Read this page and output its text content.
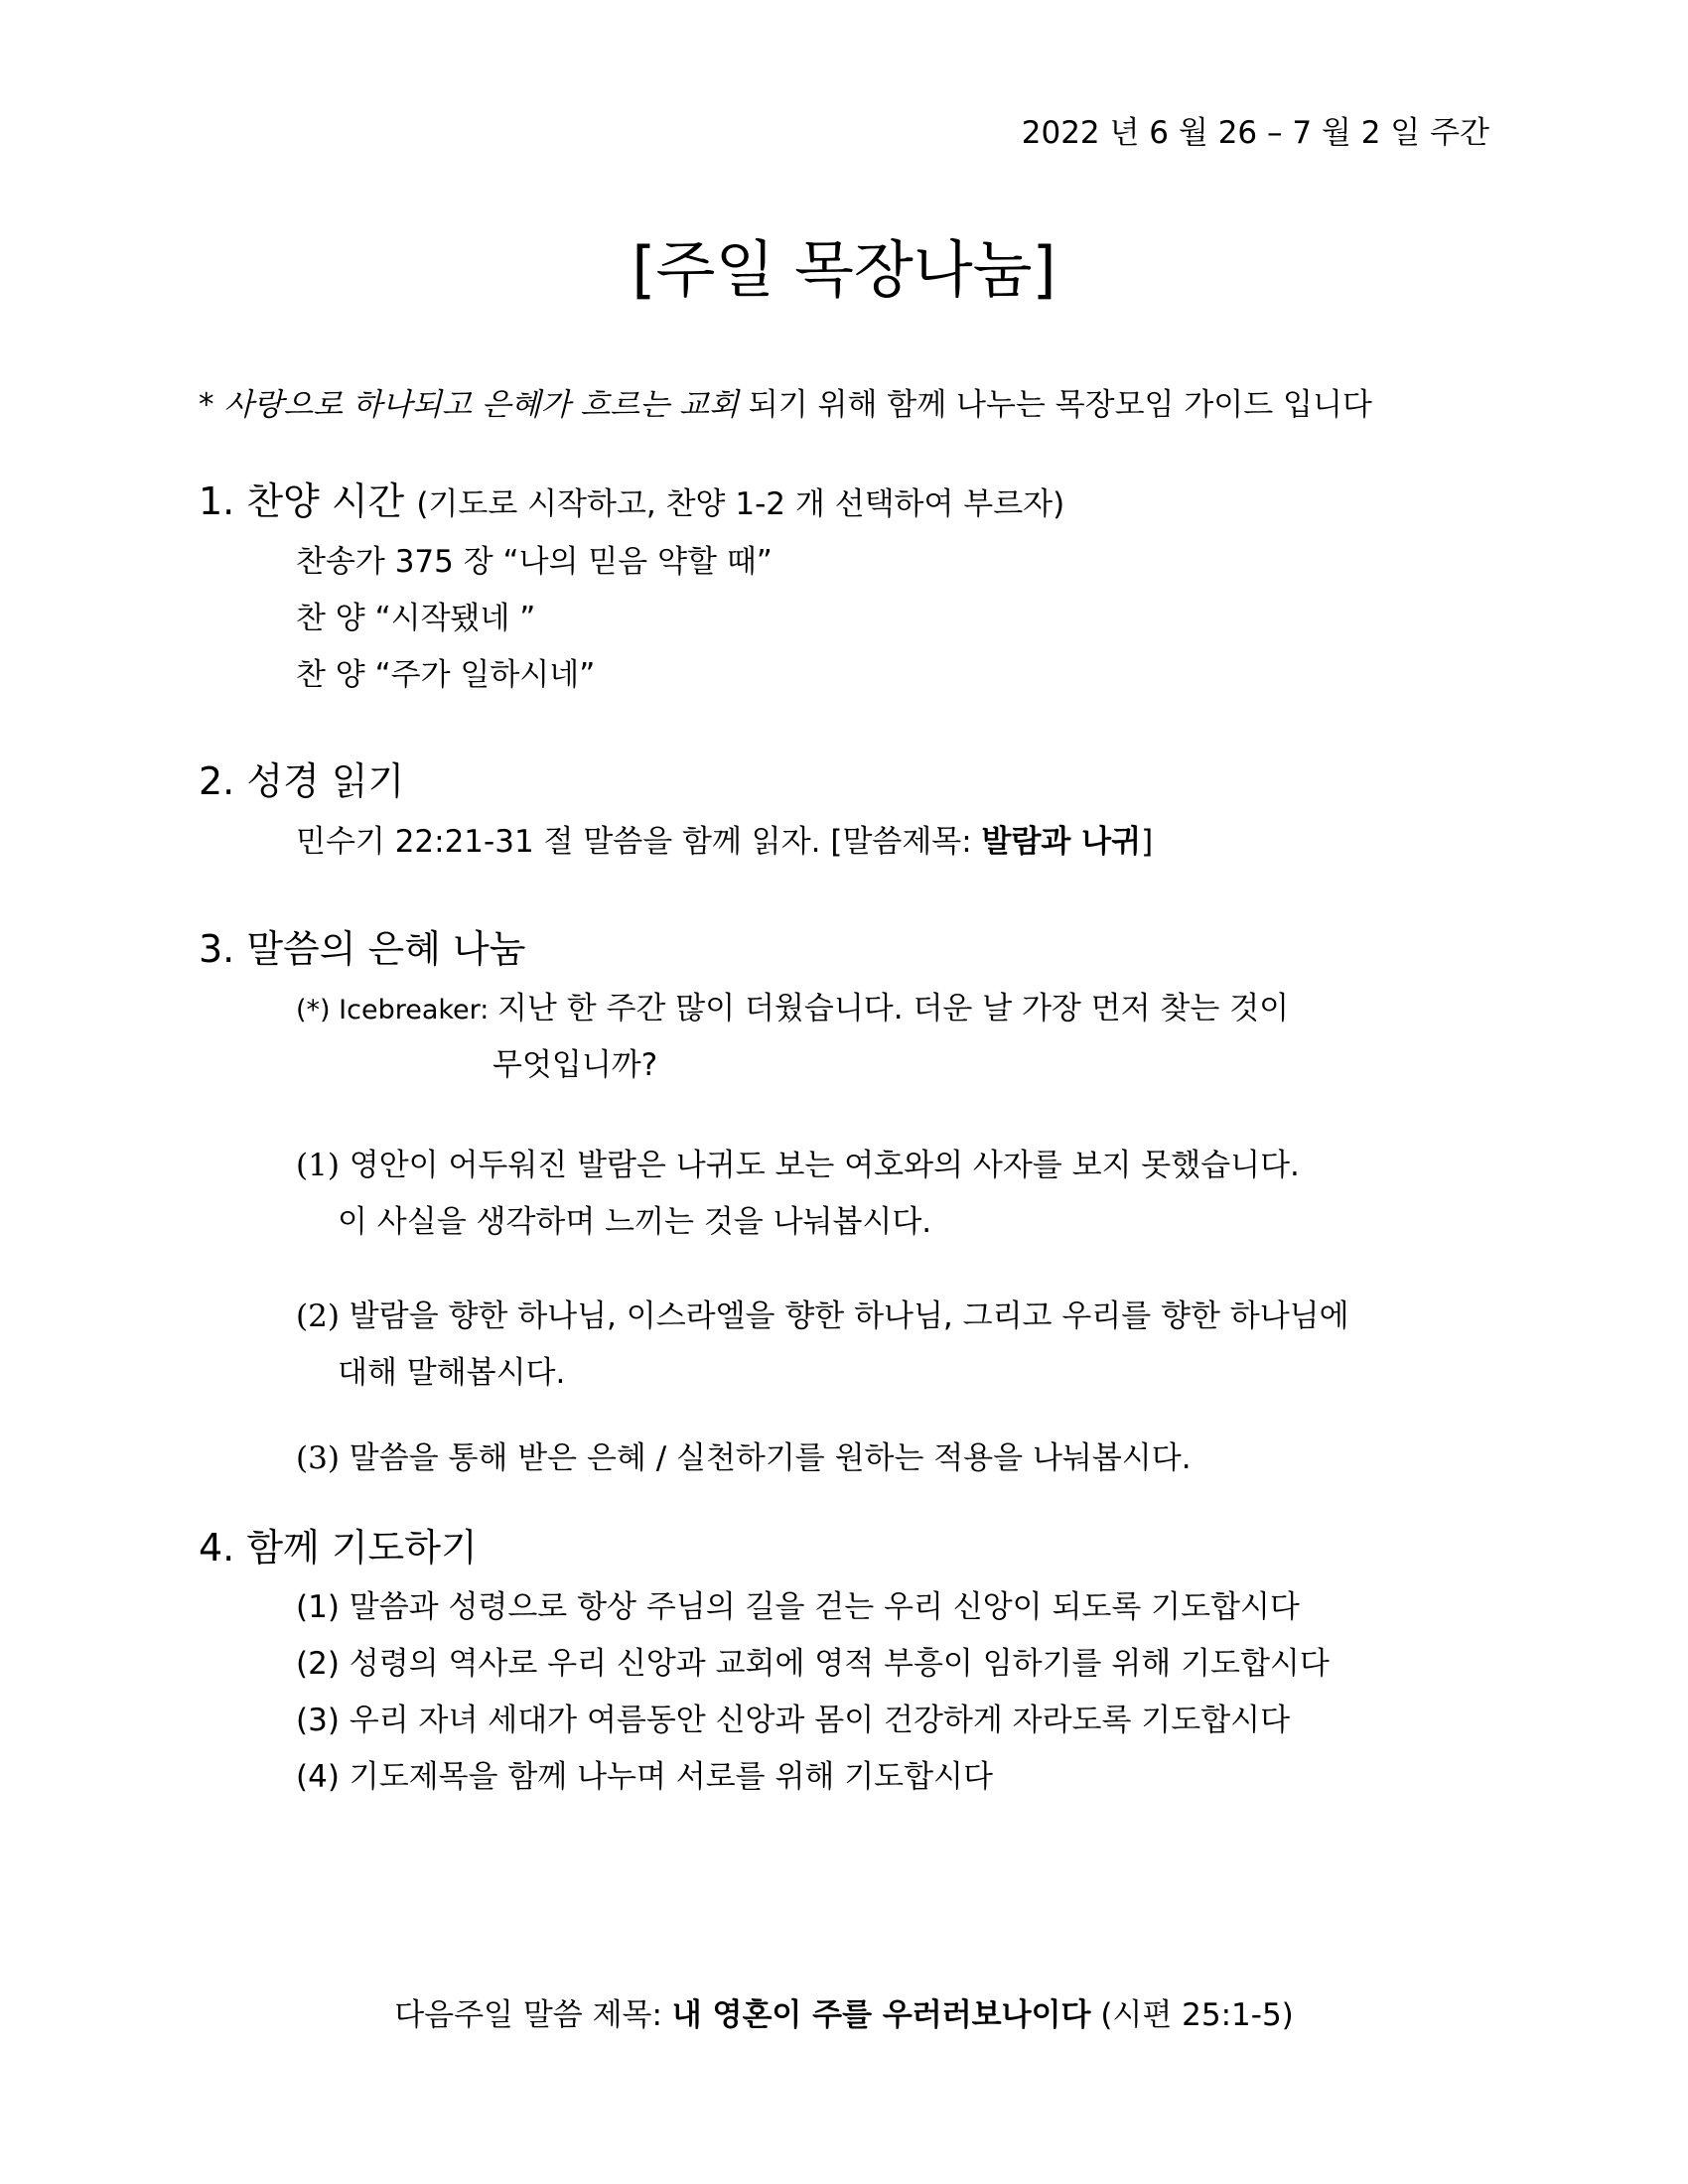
2022 년 6 월 26 – 7 월 2 일 주간
[주일 목장나눔]
* 사랑으로 하나되고 은혜가 흐르는 교회 되기 위해 함께 나누는 목장모임 가이드 입니다
1. 찬양 시간 (기도로 시작하고, 찬양 1-2 개 선택하여 부르자)
찬송가 375 장 “나의 믿음 약할 때”
찬 양 “시작됐네 ”
찬 양 “주가 일하시네”
2. 성경 읽기
민수기 22:21-31 절 말씀을 함께 읽자. [말씀제목: 발람과 나귀]
3. 말씀의 은혜 나눔
(*) Icebreaker: 지난 한 주간 많이 더웠습니다. 더운 날 가장 먼저 찾는 것이
무엇입니까?
(1) 영안이 어두워진 발람은 나귀도 보는 여호와의 사자를 보지 못했습니다.
이 사실을 생각하며 느끼는 것을 나눠봅시다.
(2) 발람을 향한 하나님, 이스라엘을 향한 하나님, 그리고 우리를 향한 하나님에
대해 말해봅시다.
(3) 말씀을 통해 받은 은혜 / 실천하기를 원하는 적용을 나눠봅시다.
4. 함께 기도하기
(1) 말씀과 성령으로 항상 주님의 길을 걷는 우리 신앙이 되도록 기도합시다
(2) 성령의 역사로 우리 신앙과 교회에 영적 부흥이 임하기를 위해 기도합시다
(3) 우리 자녀 세대가 여름동안 신앙과 몸이 건강하게 자라도록 기도합시다
(4) 기도제목을 함께 나누며 서로를 위해 기도합시다
다음주일 말씀 제목: 내 영혼이 주를 우러러보나이다 (시편 25:1-5)
